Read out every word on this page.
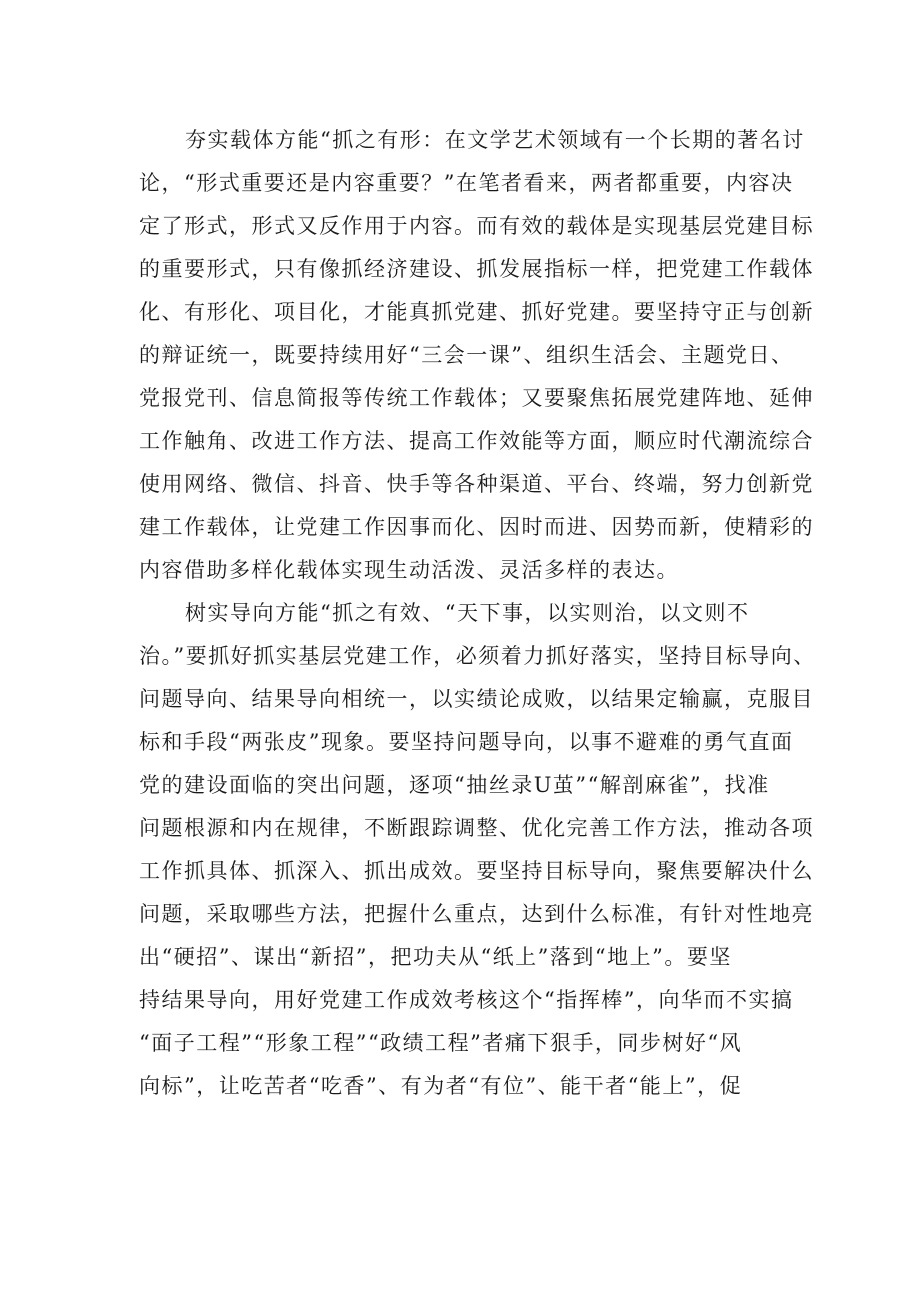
夯实载体方能“抓之有形：在文学艺术领域有一个长期的著名讨
论，“形式重要还是内容重要？”在笔者看来，两者都重要，内容决
定了形式，形式又反作用于内容。而有效的载体是实现基层党建目标
的重要形式，只有像抓经济建设、抓发展指标一样，把党建工作载体
化、有形化、项目化，才能真抓党建、抓好党建。要坚持守正与创新
的辩证统一，既要持续用好“三会一课”、组织生活会、主题党日、
党报党刊、信息简报等传统工作载体；又要聚焦拓展党建阵地、延伸
工作触角、改进工作方法、提高工作效能等方面，顺应时代潮流综合
使用网络、微信、抖音、快手等各种渠道、平台、终端，努力创新党
建工作载体，让党建工作因事而化、因时而进、因势而新，使精彩的
内容借助多样化载体实现生动活泼、灵活多样的表达。
树实导向方能“抓之有效、“天下事，以实则治，以文则不
治。”要抓好抓实基层党建工作，必须着力抓好落实，坚持目标导向、
问题导向、结果导向相统一，以实绩论成败，以结果定输赢，克服目
标和手段“两张皮”现象。要坚持问题导向，以事不避难的勇气直面
党的建设面临的突出问题，逐项“抽丝录U茧”“解剖麻雀”，找准
问题根源和内在规律，不断跟踪调整、优化完善工作方法，推动各项
工作抓具体、抓深入、抓出成效。要坚持目标导向，聚焦要解决什么
问题，采取哪些方法，把握什么重点，达到什么标准，有针对性地亮
出“硬招”、谋出“新招”，把功夫从“纸上”落到“地上”。要坚
持结果导向，用好党建工作成效考核这个“指挥棒”，向华而不实搞
“面子工程”“形象工程”“政绩工程”者痛下狠手，同步树好“风
向标”，让吃苦者“吃香”、有为者“有位”、能干者“能上”，促
